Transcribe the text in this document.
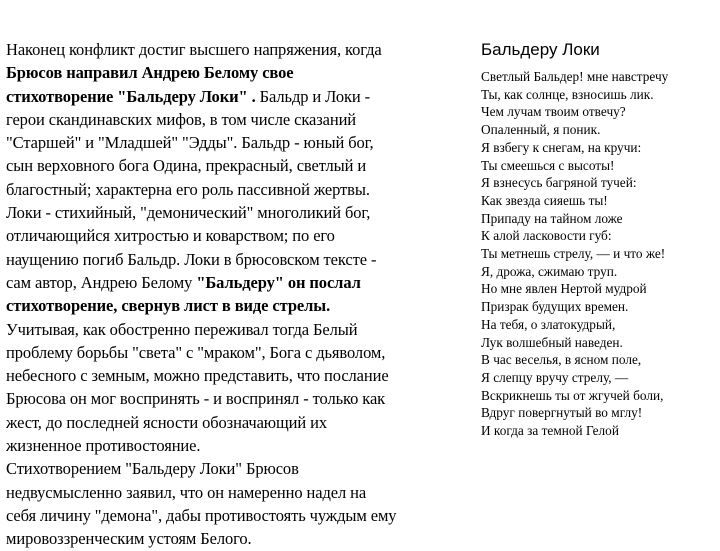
Наконец конфликт достиг высшего напряжения, когда
Брюсов направил Андрею Белому свое
стихотворение "Бальдеру Локи" . Бальдр и Локи -
герои скандинавских мифов, в том числе сказаний
"Старшей" и "Младшей" "Эдды". Бальдр - юный бог,
сын верховного бога Одина, прекрасный, светлый и
благостный; характерна его роль пассивной жертвы.
Локи - стихийный, "демонический" многоликий бог,
отличающийся хитростью и коварством; по его
наущению погиб Бальдр. Локи в брюсовском тексте -
сам автор, Андрею Белому "Бальдеру" он послал
стихотворение, свернув лист в виде стрелы.
Учитывая, как обостренно переживал тогда Белый
проблему борьбы "света" с "мраком", Бога с дьяволом,
небесного с земным, можно представить, что послание
Брюсова он мог воспринять - и воспринял - только как
жест, до последней ясности обозначающий их
жизненное противостояние.
Стихотворением "Бальдеру Локи" Брюсов
недвусмысленно заявил, что он намеренно надел на
себя личину "демона", дабы противостоять чуждым ему
мировоззренческим устоям Белого.
Бальдеру Локи
Светлый Бальдер! мне навстречу
Ты, как солнце, взносишь лик.
Чем лучам твоим отвечу?
Опаленный, я поник.
Я взбегу к снегам, на кручи:
Ты смеешься с высоты!
Я взнесусь багряной тучей:
Как звезда сияешь ты!
Припаду на тайном ложе
К алой ласковости губ:
Ты метнешь стрелу, — и что же!
Я, дрожа, сжимаю труп.
Но мне явлен Нертой мудрой
Призрак будущих времен.
На тебя, о златокудрый,
Лук волшебный наведен.
В час веселья, в ясном поле,
Я слепцу вручу стрелу, —
Вскрикнешь ты от жгучей боли,
Вдруг повергнутый во мглу!
И когда за темной Гелой
